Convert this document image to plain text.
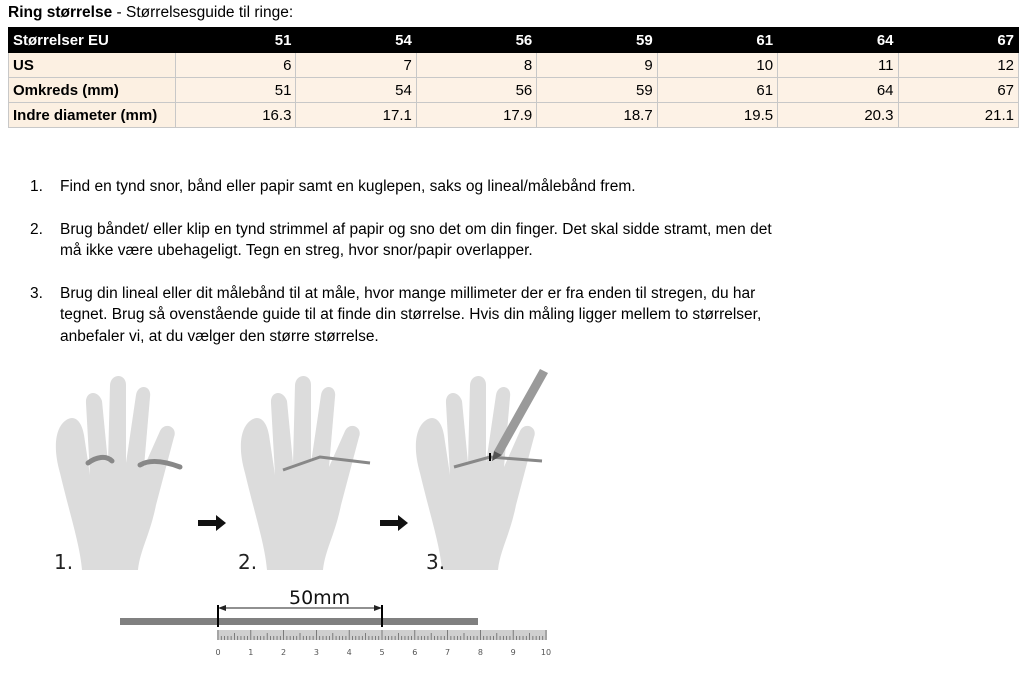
Ring størrelse - Størrelsesguide til ringe:
Størrelser EU	51	54	56	59	61	64	67
US	6	7	8	9	10	11	12
Omkreds (mm)	51	54	56	59	61	64	67
Indre diameter (mm)	16.3	17.1	17.9	18.7	19.5	20.3	21.1
1. Find en tynd snor, bånd eller papir samt en kuglepen, saks og lineal/målebånd frem.
2. Brug båndet/ eller klip en tynd strimmel af papir og sno det om din finger. Det skal sidde stramt, men det må ikke være ubehageligt. Tegn en streg, hvor snor/papir overlapper.
3. Brug din lineal eller dit målebånd til at måle, hvor mange millimeter der er fra enden til stregen, du har tegnet. Brug så ovenstående guide til at finde din størrelse. Hvis din måling ligger mellem to størrelser, anbefaler vi, at du vælger den større størrelse.
1.	2.	3.
50mm
0	1	2	3	4	5	6	7	8	9	10
